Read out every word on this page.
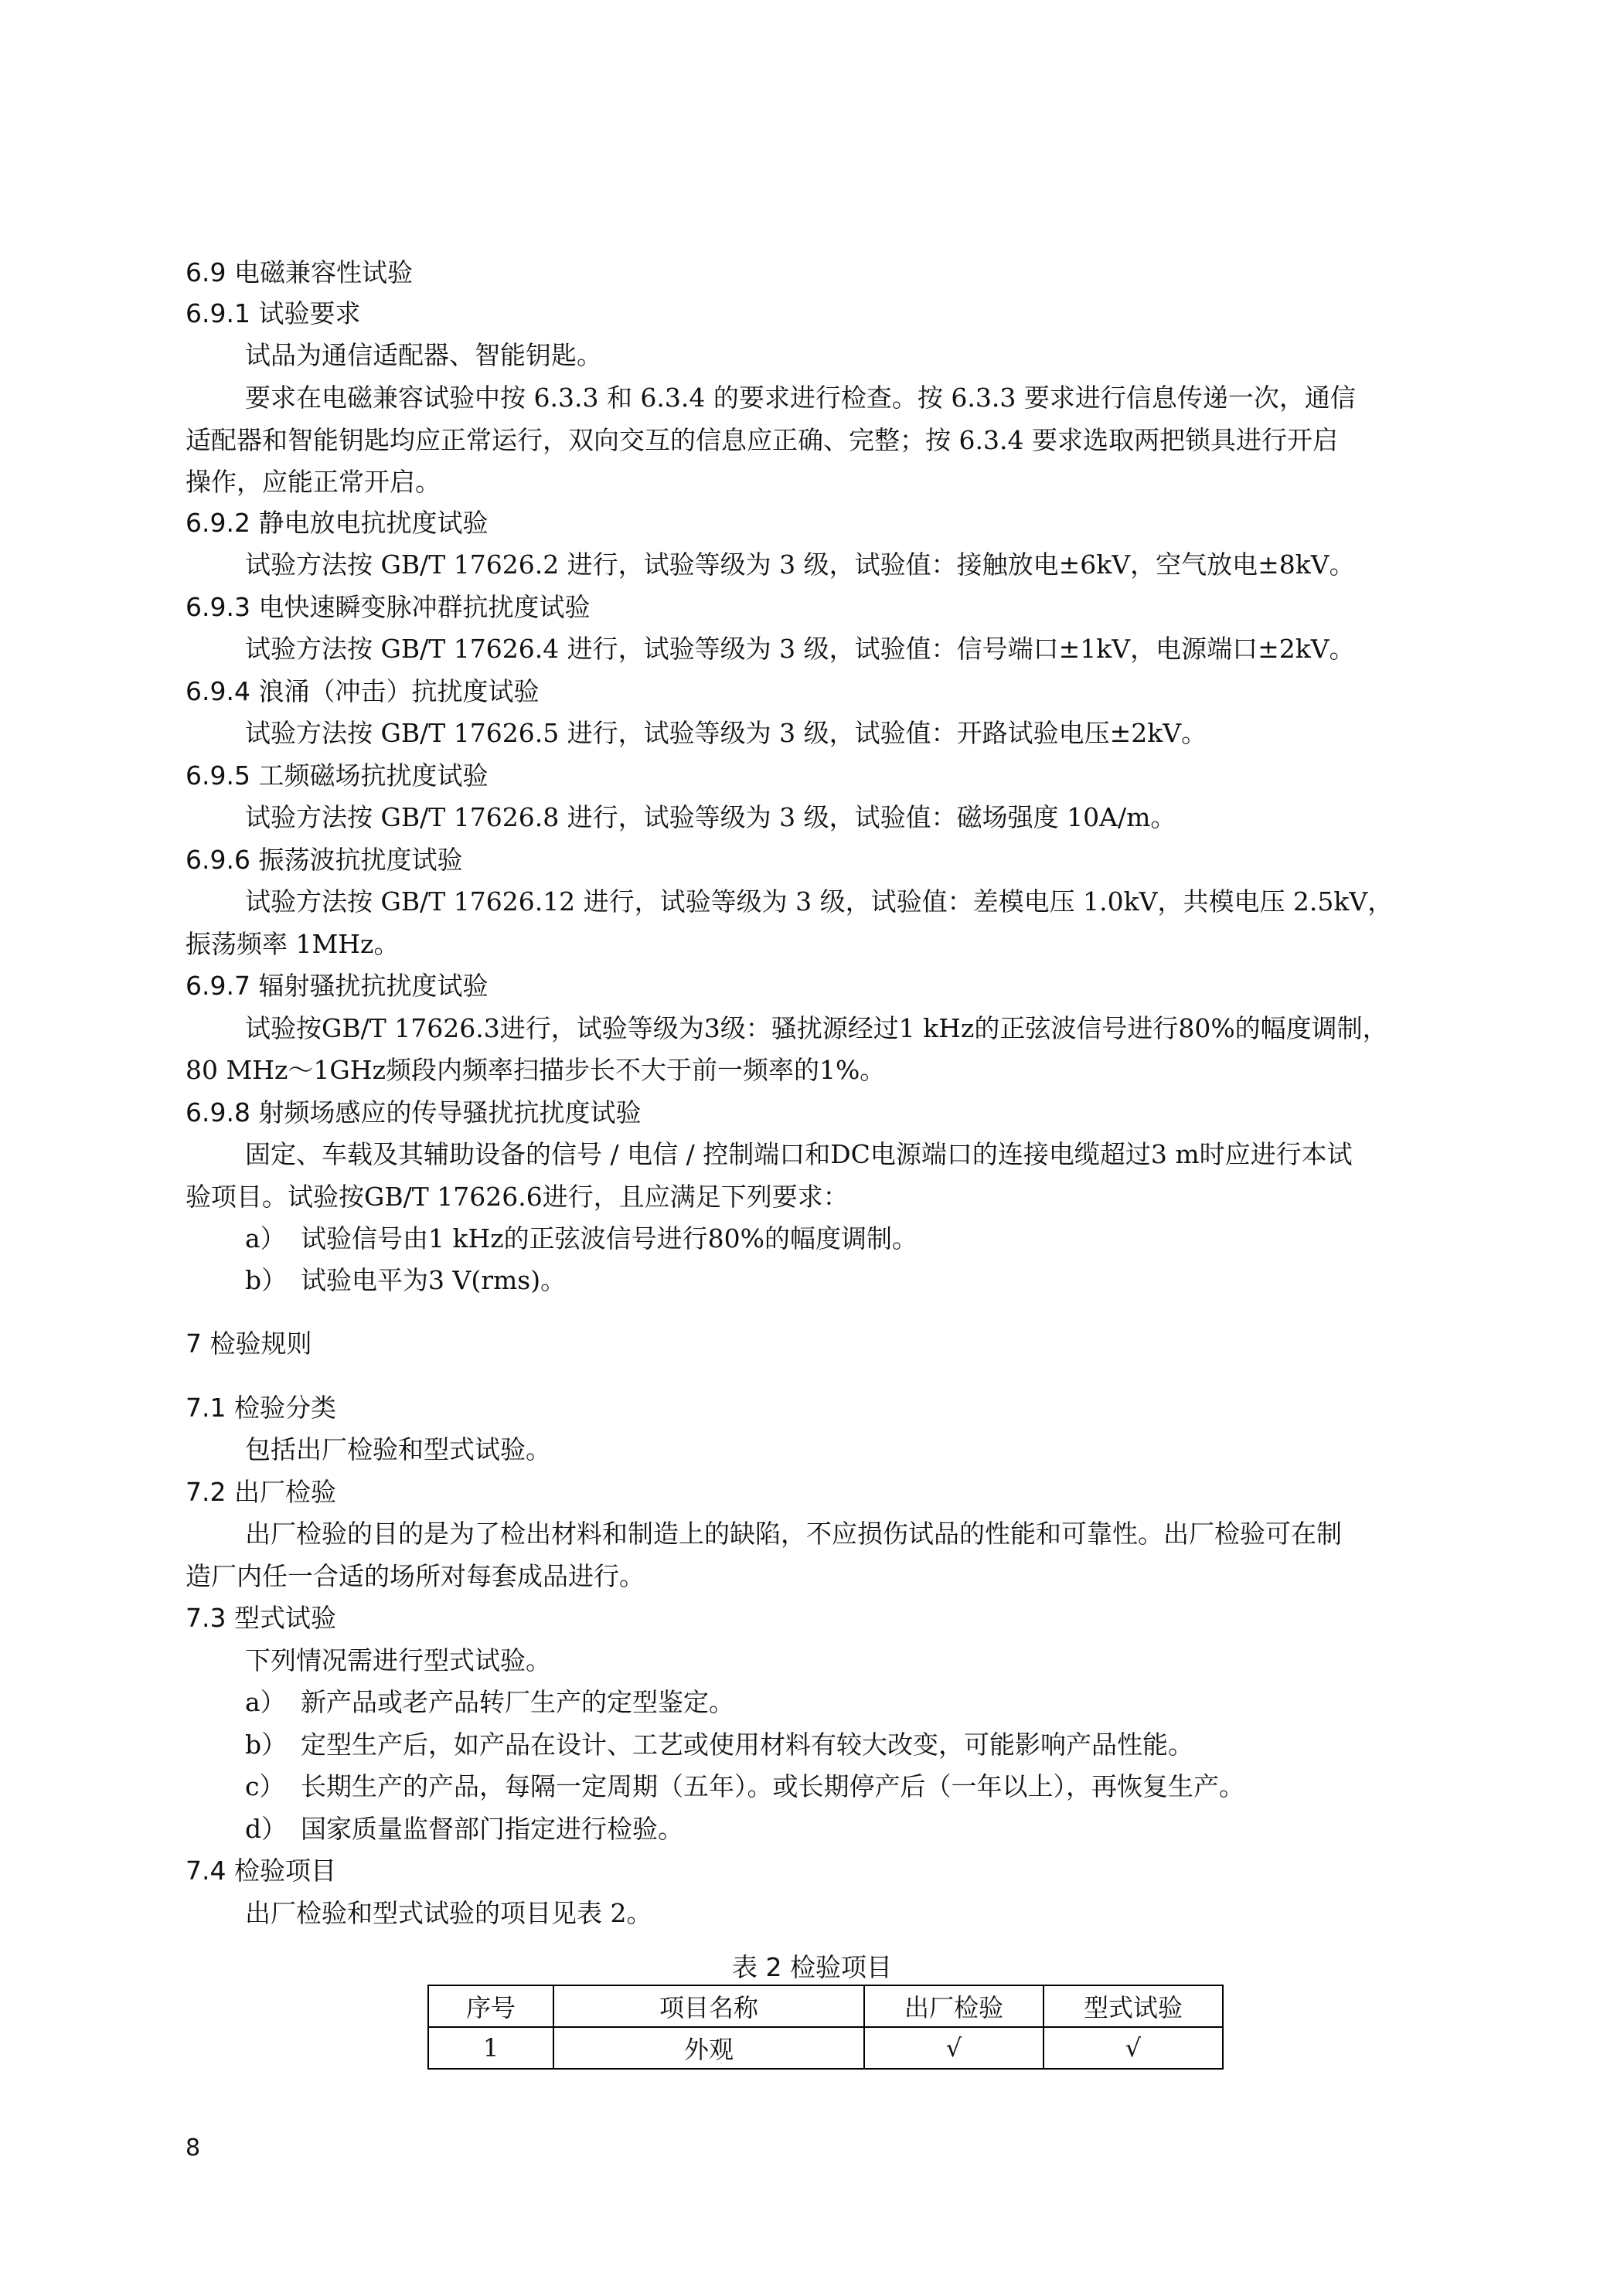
6.9 电磁兼容性试验
6.9.1 试验要求
试品为通信适配器、智能钥匙。
要求在电磁兼容试验中按 6.3.3 和 6.3.4 的要求进行检查。按 6.3.3 要求进行信息传递一次，通信
适配器和智能钥匙均应正常运行，双向交互的信息应正确、完整；按 6.3.4 要求选取两把锁具进行开启
操作，应能正常开启。
6.9.2 静电放电抗扰度试验
试验方法按 GB/T 17626.2 进行，试验等级为 3 级，试验值：接触放电±6kV，空气放电±8kV。
6.9.3 电快速瞬变脉冲群抗扰度试验
试验方法按 GB/T 17626.4 进行，试验等级为 3 级，试验值：信号端口±1kV，电源端口±2kV。
6.9.4 浪涌（冲击）抗扰度试验
试验方法按 GB/T 17626.5 进行，试验等级为 3 级，试验值：开路试验电压±2kV。
6.9.5 工频磁场抗扰度试验
试验方法按 GB/T 17626.8 进行，试验等级为 3 级，试验值：磁场强度 10A/m。
6.9.6 振荡波抗扰度试验
试验方法按 GB/T 17626.12 进行，试验等级为 3 级，试验值：差模电压 1.0kV，共模电压 2.5kV，
振荡频率 1MHz。
6.9.7 辐射骚扰抗扰度试验
试验按GB/T 17626.3进行，试验等级为3级：骚扰源经过1 kHz的正弦波信号进行80%的幅度调制，
80 MHz～1GHz频段内频率扫描步长不大于前一频率的1%。
6.9.8 射频场感应的传导骚扰抗扰度试验
固定、车载及其辅助设备的信号 / 电信 / 控制端口和DC电源端口的连接电缆超过3 m时应进行本试
验项目。试验按GB/T 17626.6进行，且应满足下列要求：
a） 试验信号由1 kHz的正弦波信号进行80%的幅度调制。
b） 试验电平为3 V(rms)。
7 检验规则
7.1 检验分类
包括出厂检验和型式试验。
7.2 出厂检验
出厂检验的目的是为了检出材料和制造上的缺陷，不应损伤试品的性能和可靠性。出厂检验可在制
造厂内任一合适的场所对每套成品进行。
7.3 型式试验
下列情况需进行型式试验。
a） 新产品或老产品转厂生产的定型鉴定。
b） 定型生产后，如产品在设计、工艺或使用材料有较大改变，可能影响产品性能。
c） 长期生产的产品，每隔一定周期（五年）。或长期停产后（一年以上），再恢复生产。
d） 国家质量监督部门指定进行检验。
7.4 检验项目
出厂检验和型式试验的项目见表 2。
表 2 检验项目
序号	项目名称	出厂检验	型式试验
1	外观	√	√
8
